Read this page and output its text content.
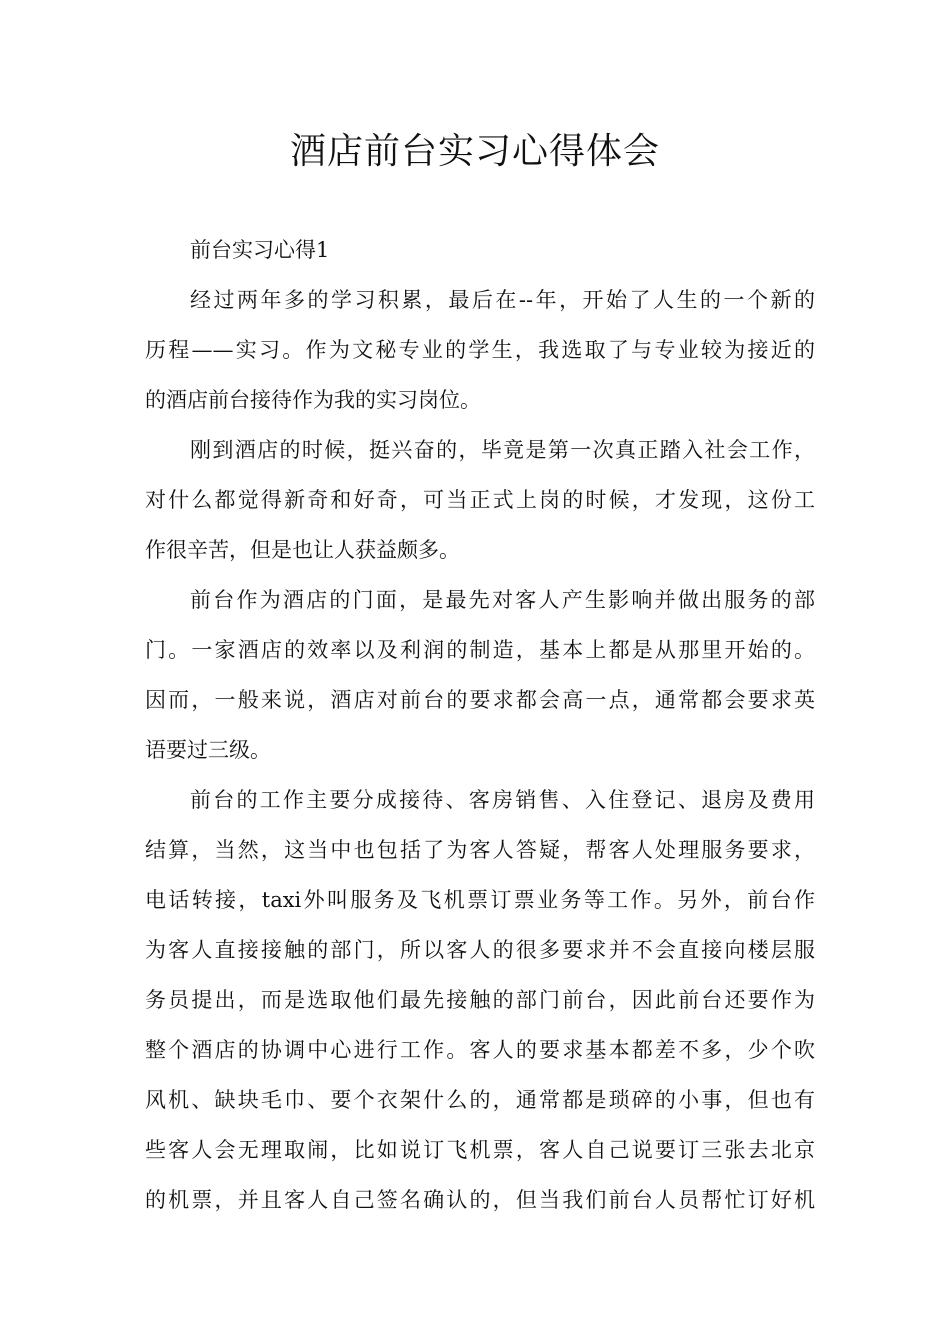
酒店前台实习心得体会

前台实习心得1

经过两年多的学习积累，最后在--年，开始了人生的一个新的

历程——实习。作为文秘专业的学生，我选取了与专业较为接近的

的酒店前台接待作为我的实习岗位。

刚到酒店的时候，挺兴奋的，毕竟是第一次真正踏入社会工作，

对什么都觉得新奇和好奇，可当正式上岗的时候，才发现，这份工

作很辛苦，但是也让人获益颇多。

前台作为酒店的门面，是最先对客人产生影响并做出服务的部

门。一家酒店的效率以及利润的制造，基本上都是从那里开始的。

因而，一般来说，酒店对前台的要求都会高一点，通常都会要求英

语要过三级。

前台的工作主要分成接待、客房销售、入住登记、退房及费用

结算，当然，这当中也包括了为客人答疑，帮客人处理服务要求，

电话转接，taxi外叫服务及飞机票订票业务等工作。另外，前台作

为客人直接接触的部门，所以客人的很多要求并不会直接向楼层服

务员提出，而是选取他们最先接触的部门前台，因此前台还要作为

整个酒店的协调中心进行工作。客人的要求基本都差不多，少个吹

风机、缺块毛巾、要个衣架什么的，通常都是琐碎的小事，但也有

些客人会无理取闹，比如说订飞机票，客人自己说要订三张去北京

的机票，并且客人自己签名确认的，但当我们前台人员帮忙订好机
